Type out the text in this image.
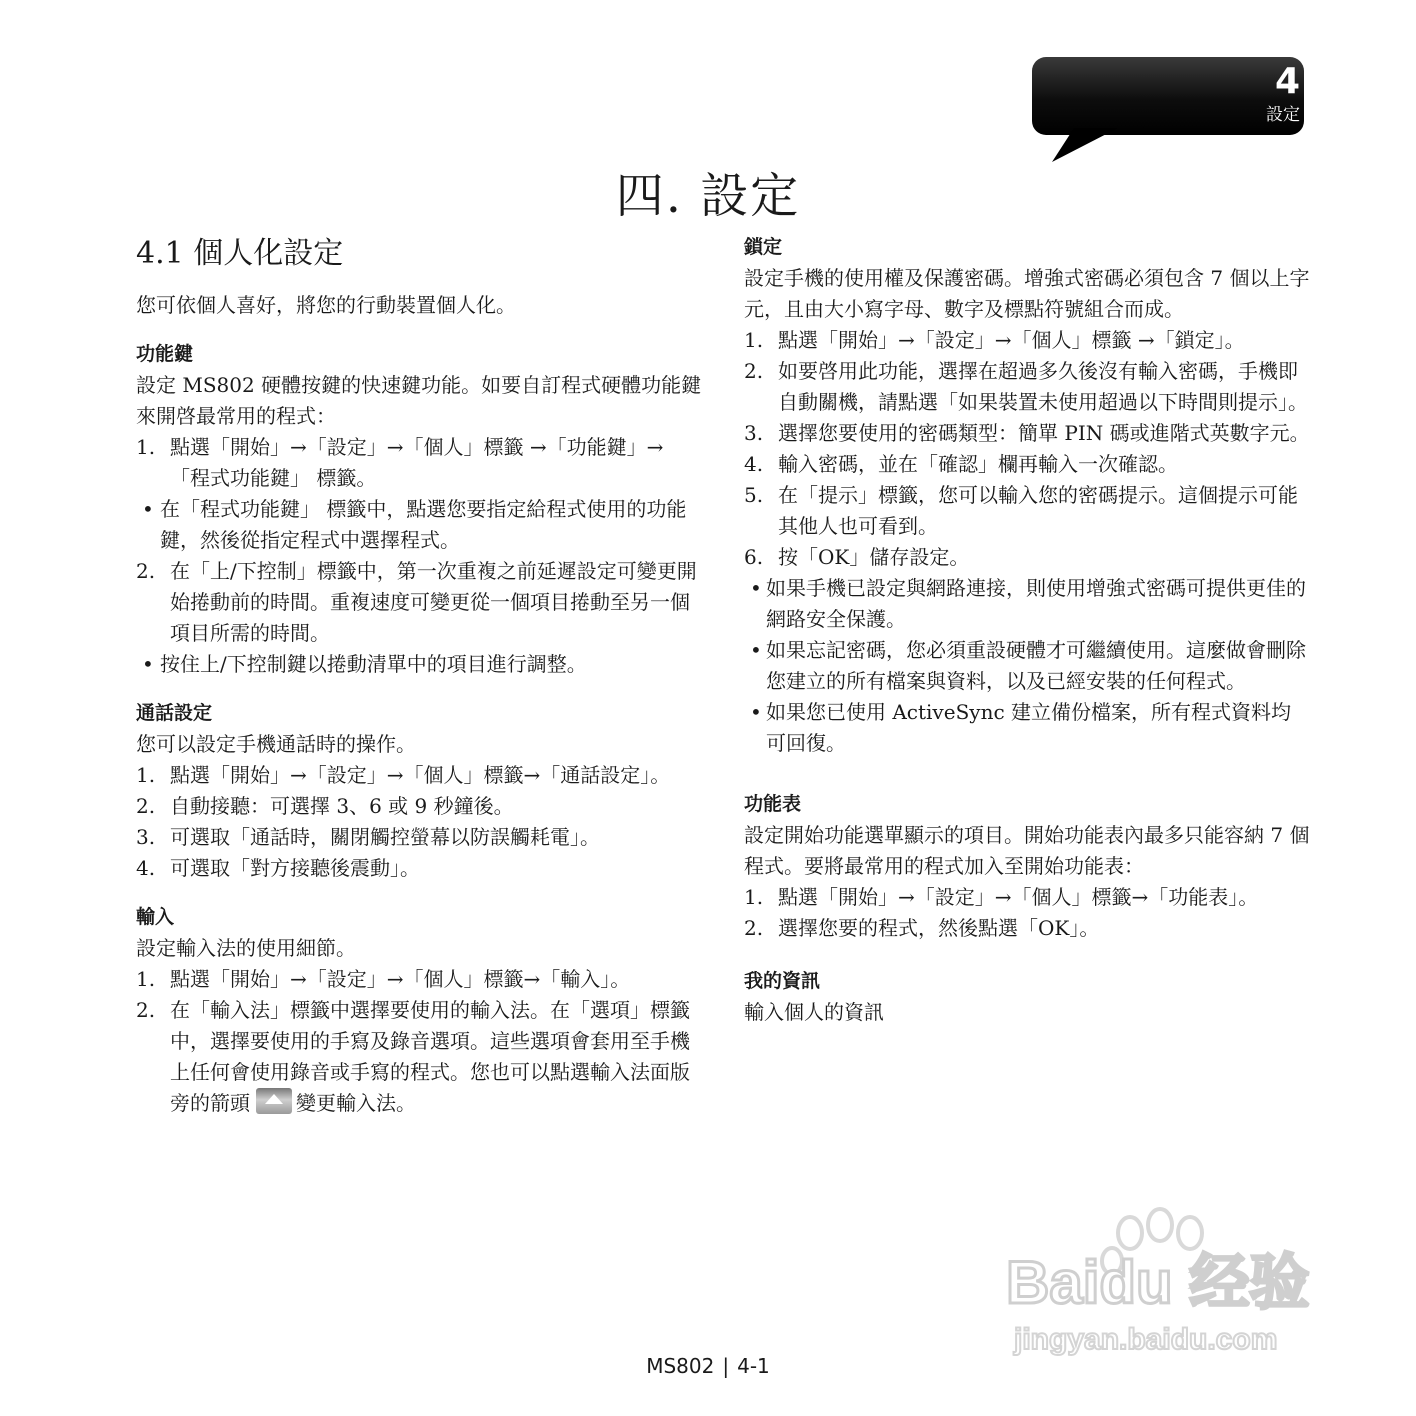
4
設定
四. 設定
4.1 個人化設定

您可依個人喜好，將您的行動裝置個人化。

功能鍵

設定 MS802 硬體按鍵的快速鍵功能。如要自訂程式硬體功能鍵來開啓最常用的程式：

1. 點選「開始」→「設定」→「個人」標籤 →「功能鍵」→「程式功能鍵」 標籤。

• 在「程式功能鍵」 標籤中，點選您要指定給程式使用的功能鍵，然後從指定程式中選擇程式。

2. 在「上/下控制」標籤中，第一次重複之前延遲設定可變更開始捲動前的時間。重複速度可變更從一個項目捲動至另一個項目所需的時間。

• 按住上/下控制鍵以捲動清單中的項目進行調整。

通話設定

您可以設定手機通話時的操作。

1. 點選「開始」→「設定」→「個人」標籤→「通話設定」。

2. 自動接聽：可選擇 3、6 或 9 秒鐘後。

3. 可選取「通話時，關閉觸控螢幕以防誤觸耗電」。

4. 可選取「對方接聽後震動」。

輸入

設定輸入法的使用細節。

1. 點選「開始」→「設定」→「個人」標籤→「輸入」。

2. 在「輸入法」標籤中選擇要使用的輸入法。在「選項」標籤中，選擇要使用的手寫及錄音選項。這些選項會套用至手機上任何會使用錄音或手寫的程式。您也可以點選輸入法面版旁的箭頭 變更輸入法。

鎖定

設定手機的使用權及保護密碼。增強式密碼必須包含 7 個以上字元，且由大小寫字母、數字及標點符號組合而成。

1. 點選「開始」→「設定」→「個人」標籤 →「鎖定」。

2. 如要啓用此功能，選擇在超過多久後沒有輸入密碼，手機即自動關機，請點選「如果裝置未使用超過以下時間則提示」。

3. 選擇您要使用的密碼類型：簡單 PIN 碼或進階式英數字元。

4. 輸入密碼，並在「確認」欄再輸入一次確認。

5. 在「提示」標籤，您可以輸入您的密碼提示。這個提示可能其他人也可看到。

6. 按「OK」儲存設定。

• 如果手機已設定與網路連接，則使用增強式密碼可提供更佳的網路安全保護。

• 如果忘記密碼，您必須重設硬體才可繼續使用。這麼做會刪除您建立的所有檔案與資料，以及已經安裝的任何程式。

• 如果您已使用 ActiveSync 建立備份檔案，所有程式資料均可回復。

功能表

設定開始功能選單顯示的項目。開始功能表內最多只能容納 7 個程式。要將最常用的程式加入至開始功能表：

1. 點選「開始」→「設定」→「個人」標籤→「功能表」。

2. 選擇您要的程式，然後點選「OK」。

我的資訊

輸入個人的資訊

Baidu 经验
jingyan.baidu.com
MS802 | 4-1
